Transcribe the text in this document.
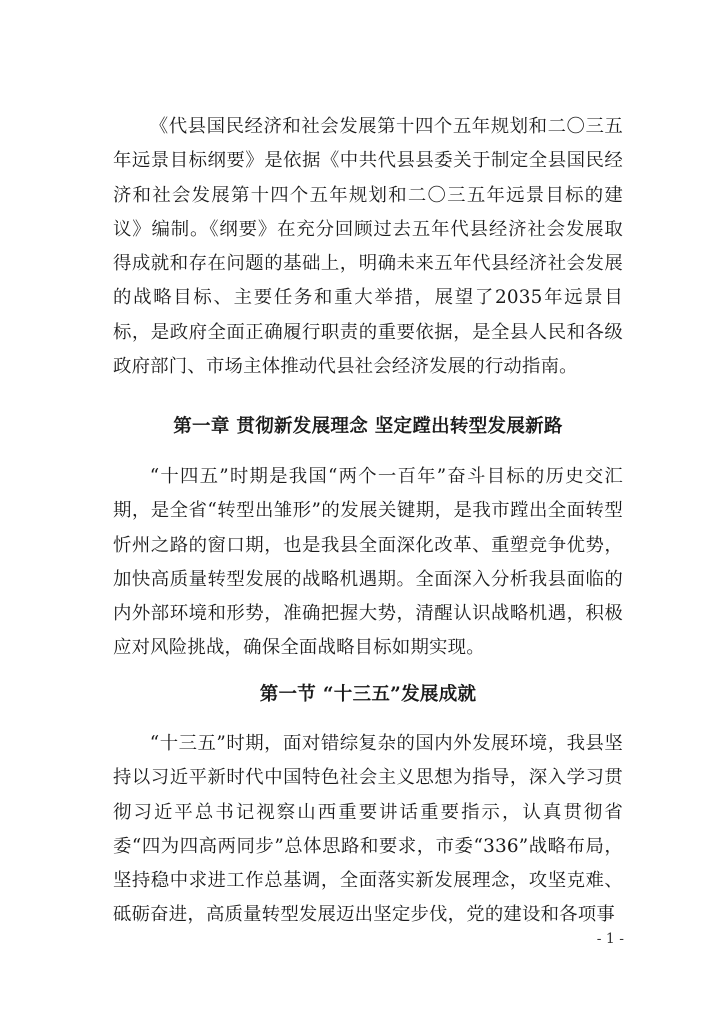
《代县国民经济和社会发展第十四个五年规划和二〇三五年远景目标纲要》是依据《中共代县县委关于制定全县国民经济和社会发展第十四个五年规划和二〇三五年远景目标的建议》编制。《纲要》在充分回顾过去五年代县经济社会发展取得成就和存在问题的基础上，明确未来五年代县经济社会发展的战略目标、主要任务和重大举措，展望了2035年远景目标，是政府全面正确履行职责的重要依据，是全县人民和各级政府部门、市场主体推动代县社会经济发展的行动指南。

第一章 贯彻新发展理念 坚定蹚出转型发展新路

“十四五”时期是我国“两个一百年”奋斗目标的历史交汇期，是全省“转型出雏形”的发展关键期，是我市蹚出全面转型忻州之路的窗口期，也是我县全面深化改革、重塑竞争优势，加快高质量转型发展的战略机遇期。全面深入分析我县面临的内外部环境和形势，准确把握大势，清醒认识战略机遇，积极应对风险挑战，确保全面战略目标如期实现。

第一节 “十三五”发展成就

“十三五”时期，面对错综复杂的国内外发展环境，我县坚持以习近平新时代中国特色社会主义思想为指导，深入学习贯彻习近平总书记视察山西重要讲话重要指示，认真贯彻省委“四为四高两同步”总体思路和要求，市委“336”战略布局，坚持稳中求进工作总基调，全面落实新发展理念，攻坚克难、砥砺奋进，高质量转型发展迈出坚定步伐，党的建设和各项事

- 1 -
